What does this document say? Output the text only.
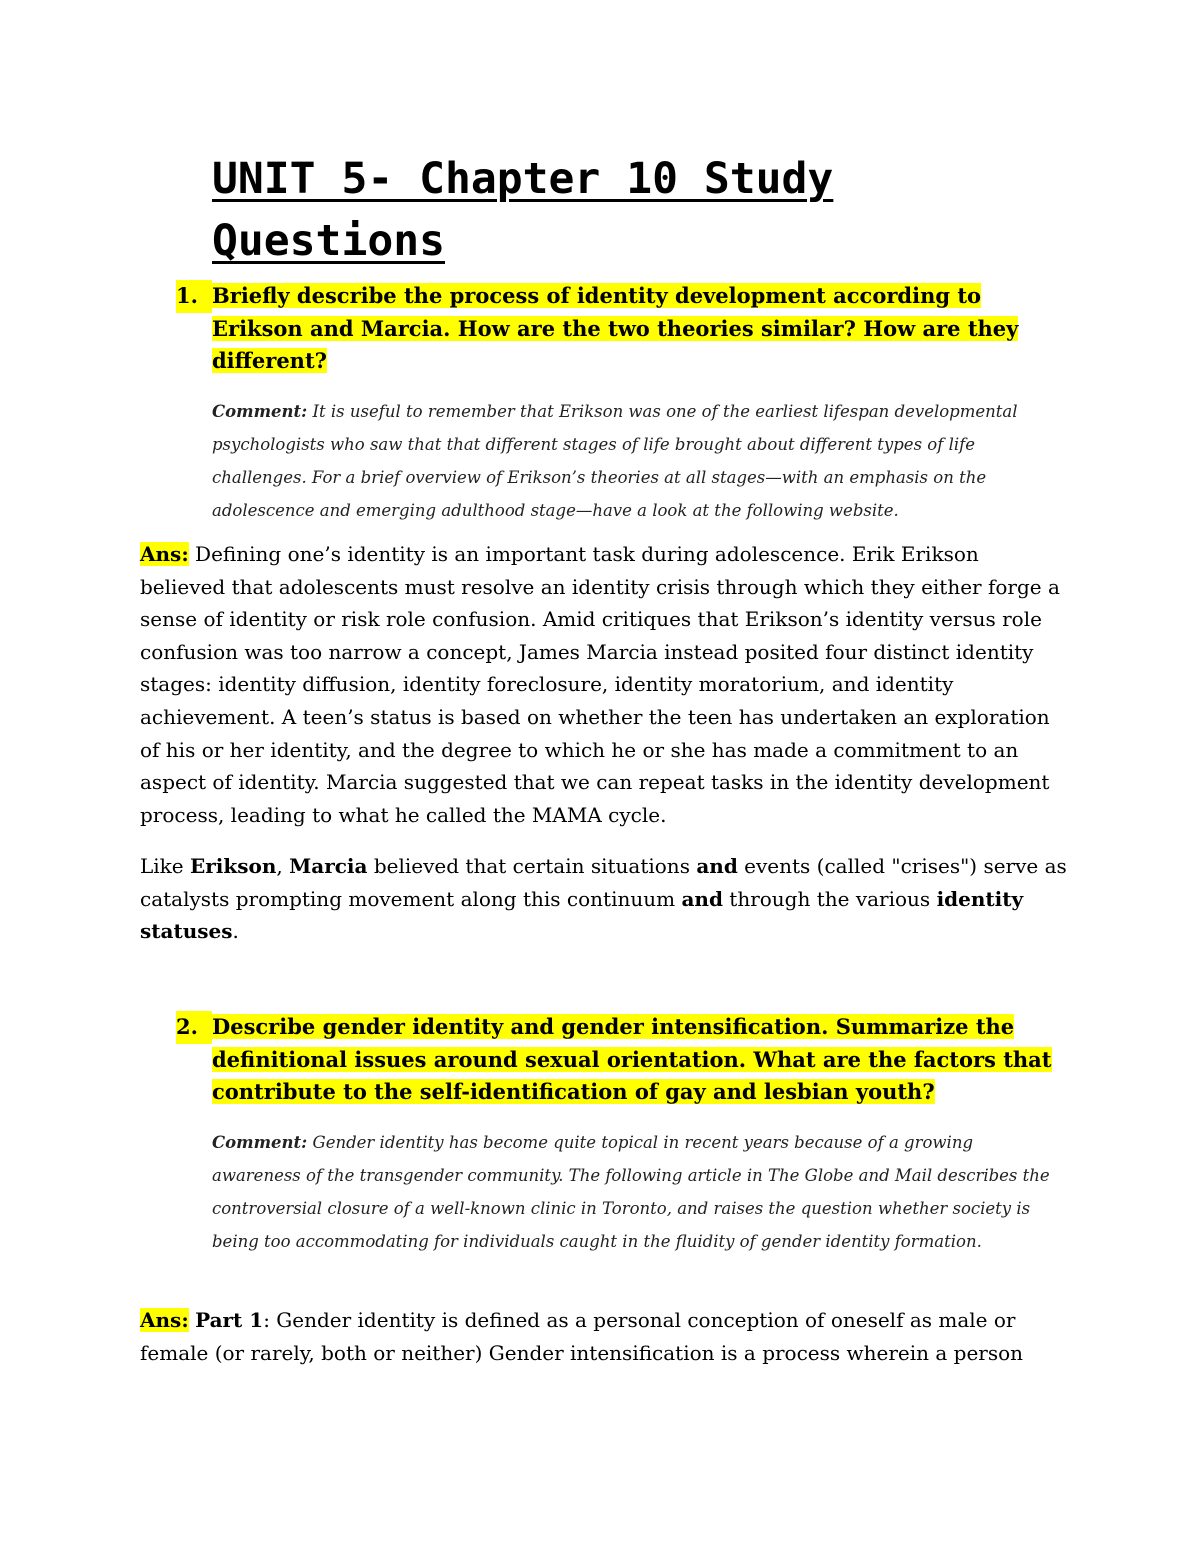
UNIT 5- Chapter 10 Study Questions
1. Briefly describe the process of identity development according to Erikson and Marcia. How are the two theories similar? How are they different?
Comment: It is useful to remember that Erikson was one of the earliest lifespan developmental psychologists who saw that that different stages of life brought about different types of life challenges. For a brief overview of Erikson’s theories at all stages—with an emphasis on the adolescence and emerging adulthood stage—have a look at the following website.
Ans: Defining one’s identity is an important task during adolescence. Erik Erikson believed that adolescents must resolve an identity crisis through which they either forge a sense of identity or risk role confusion. Amid critiques that Erikson’s identity versus role confusion was too narrow a concept, James Marcia instead posited four distinct identity stages: identity diffusion, identity foreclosure, identity moratorium, and identity achievement. A teen’s status is based on whether the teen has undertaken an exploration of his or her identity, and the degree to which he or she has made a commitment to an aspect of identity. Marcia suggested that we can repeat tasks in the identity development process, leading to what he called the MAMA cycle.
Like Erikson, Marcia believed that certain situations and events (called "crises") serve as catalysts prompting movement along this continuum and through the various identity statuses.
2. Describe gender identity and gender intensification. Summarize the definitional issues around sexual orientation. What are the factors that contribute to the self-identification of gay and lesbian youth?
Comment: Gender identity has become quite topical in recent years because of a growing awareness of the transgender community. The following article in The Globe and Mail describes the controversial closure of a well-known clinic in Toronto, and raises the question whether society is being too accommodating for individuals caught in the fluidity of gender identity formation.
Ans: Part 1: Gender identity is defined as a personal conception of oneself as male or female (or rarely, both or neither) Gender intensification is a process wherein a person
